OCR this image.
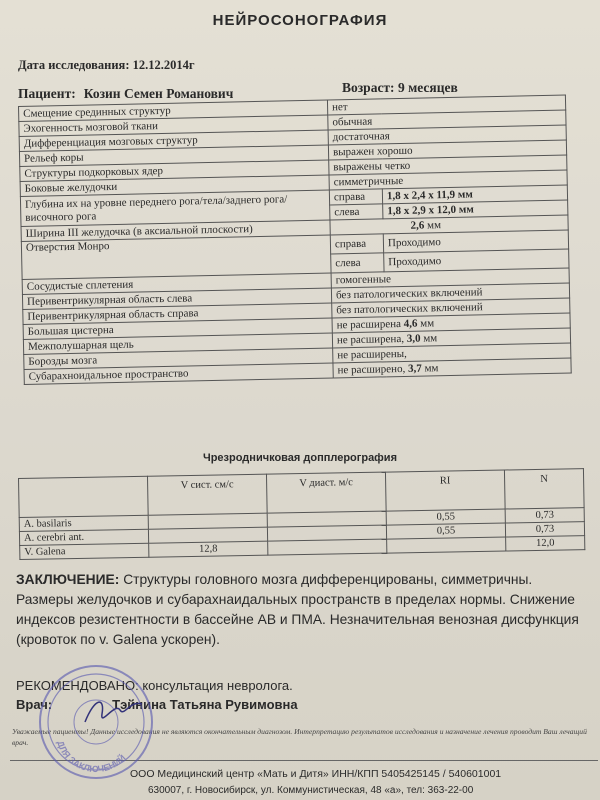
НЕЙРОСОНОГРАФИЯ
Дата исследования: 12.12.2014г
Пациент: Козин Семен Романович	Возраст: 9 месяцев
Смещение срединных структур	нет	
Эхогенность мозговой ткани	обычная	
Дифференциация мозговых структур	достаточная	
Рельеф коры	выражен хорошо	
Структуры подкорковых ядер	выражены четко	
Боковые желудочки	симметричные	
Глубина их на уровне переднего рога/тела/заднего рога/височного рога	справа	1,8 х 2,4 х 11,9 мм
	слева	1,8 х 2,9 х 12,0 мм
Ширина III желудочка (в аксиальной плоскости)	2,6 мм	
Отверстия Монро	справа	Проходимо
	слева	Проходимо
Сосудистые сплетения	гомогенные	
Перивентрикулярная область слева	без патологических включений	
Перивентрикулярная область справа	без патологических включений	
Большая цистерна	не расширена 4,6 мм	
Межполушарная щель	не расширена, 3,0 мм	
Борозды мозга	не расширены,	
Субарахноидальное пространство	не расширено, 3,7 мм	
Чрезродничковая допплерография
	V сист. см/с	V диаст. м/с	RI	N
A. basilaris			0,55	0,73
A. cerebri ant.			0,55	0,73
V. Galena	12,8			12,0
ЗАКЛЮЧЕНИЕ: Структуры головного мозга дифференцированы, симметричны. Размеры желудочков и субарахнаидальных пространств в пределах нормы. Снижение индексов резистентности в бассейне АВ и ПМА. Незначительная венозная дисфункция (кровоток по v. Galena ускорен).
РЕКОМЕНДОВАНО: консультация невролога.
Врач:	Тэйнина Татьяна Рувимовна
Уважаемые пациенты! Данные исследования не являются окончательным диагнозом. Интерпретацию результатов исследования и назначение лечения проводит Ваш лечащий врач.
ООО Медицинский центр «Мать и Дитя» ИНН/КПП 5405425145 / 540601001
630007, г. Новосибирск, ул. Коммунистическая, 48 «а», тел: 363-22-00
ДЛЯ ЗАКЛЮЧЕНИЙ
